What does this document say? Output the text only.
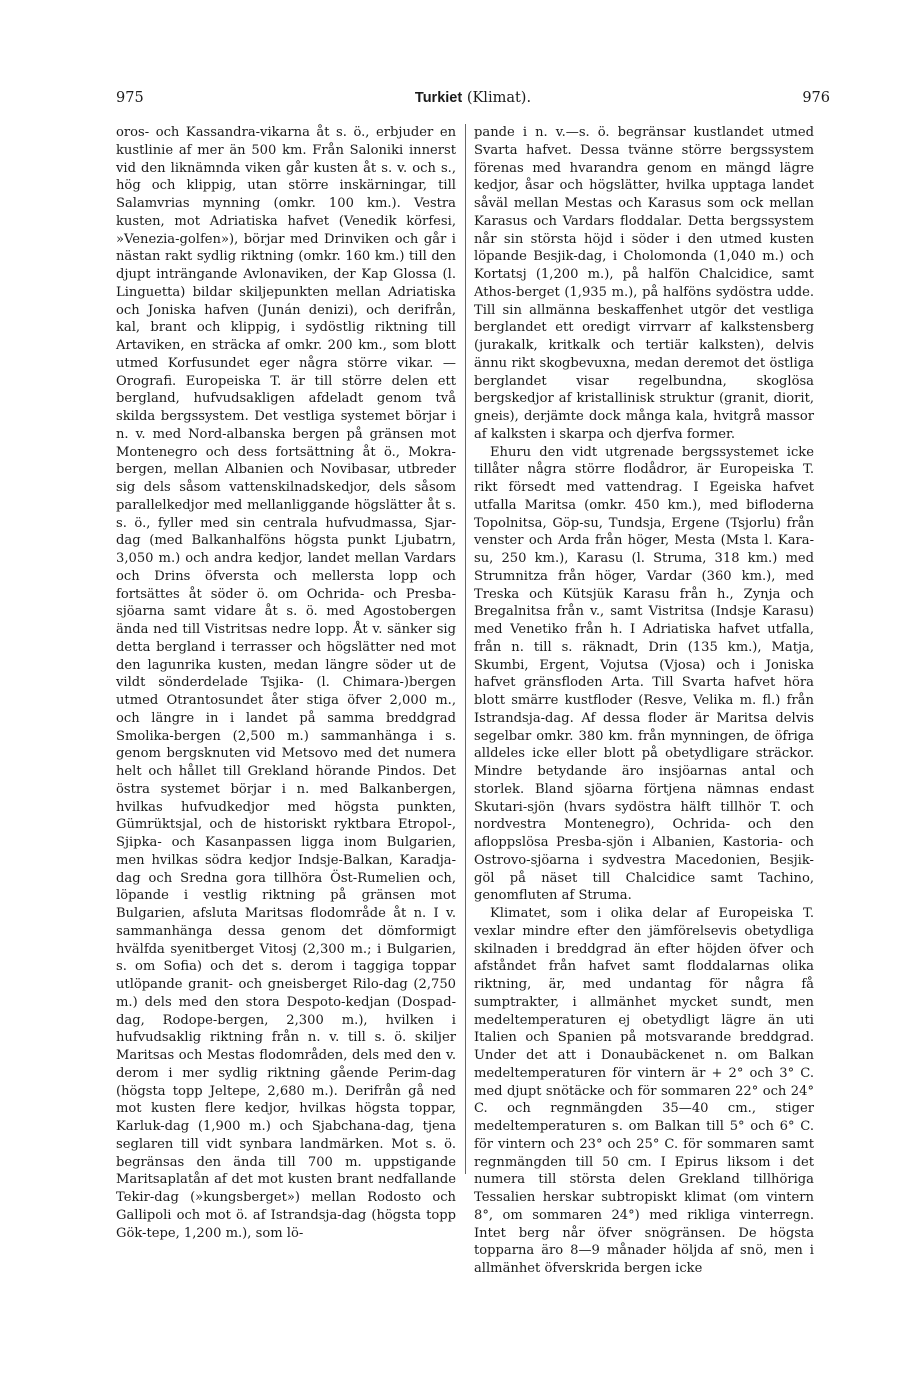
975	Turkiet (Klimat).	976

oros- och Kassandra-vikarna åt s. ö., erbjuder en kustlinie af mer än 500 km. Från Saloniki innerst vid den liknämnda viken går kusten åt s. v. och s., hög och klippig, utan större inskärningar, till Salamvrias mynning (omkr. 100 km.). Vestra kusten, mot Adriatiska hafvet (Venedik körfesi, »Venezia-golfen»), börjar med Drinviken och går i nästan rakt sydlig riktning (omkr. 160 km.) till den djupt inträngande Avlonaviken, der Kap Glossa (l. Linguetta) bildar skiljepunkten mellan Adriatiska och Joniska hafven (Junán denizi), och derifrån, kal, brant och klippig, i sydöstlig riktning till Artaviken, en sträcka af omkr. 200 km., som blott utmed Korfusundet eger några större vikar. — Orografi. Europeiska T. är till större delen ett bergland, hufvudsakligen afdeladt genom två skilda bergssystem. Det vestliga systemet börjar i n. v. med Nord-albanska bergen på gränsen mot Montenegro och dess fortsättning åt ö., Mokra-bergen, mellan Albanien och Novibasar, utbreder sig dels såsom vattenskilnadskedjor, dels såsom parallelkedjor med mellanliggande högslätter åt s. s. ö., fyller med sin centrala hufvudmassa, Sjar-dag (med Balkanhalföns högsta punkt Ljubatrn, 3,050 m.) och andra kedjor, landet mellan Vardars och Drins öfversta och mellersta lopp och fortsättes åt söder ö. om Ochrida- och Presba-sjöarna samt vidare åt s. ö. med Agostobergen ända ned till Vistritsas nedre lopp. Åt v. sänker sig detta bergland i terrasser och högslätter ned mot den lagunrika kusten, medan längre söder ut de vildt sönderdelade Tsjika- (l. Chimara-)bergen utmed Otrantosundet åter stiga öfver 2,000 m., och längre in i landet på samma breddgrad Smolika-bergen (2,500 m.) sammanhänga i s. genom bergsknuten vid Metsovo med det numera helt och hållet till Grekland hörande Pindos. Det östra systemet börjar i n. med Balkanbergen, hvilkas hufvudkedjor med högsta punkten, Gümrüktsjal, och de historiskt ryktbara Etropol-, Sjipka- och Kasanpassen ligga inom Bulgarien, men hvilkas södra kedjor Indsje-Balkan, Karadja-dag och Sredna gora tillhöra Öst-Rumelien och, löpande i vestlig riktning på gränsen mot Bulgarien, afsluta Maritsas flodområde åt n. I v. sammanhänga dessa genom det dömformigt hvälfda syenitberget Vitosj (2,300 m.; i Bulgarien, s. om Sofia) och det s. derom i taggiga toppar utlöpande granit- och gneisberget Rilo-dag (2,750 m.) dels med den stora Despoto-kedjan (Dospad-dag, Rodope-bergen, 2,300 m.), hvilken i hufvudsaklig riktning från n. v. till s. ö. skiljer Maritsas och Mestas flodområden, dels med den v. derom i mer sydlig riktning gående Perim-dag (högsta topp Jeltepe, 2,680 m.). Derifrån gå ned mot kusten flere kedjor, hvilkas högsta toppar, Karluk-dag (1,900 m.) och Sjabchana-dag, tjena seglaren till vidt synbara landmärken. Mot s. ö. begränsas den ända till 700 m. uppstigande Maritsaplatån af det mot kusten brant nedfallande Tekir-dag (»kungsberget») mellan Rodosto och Gallipoli och mot ö. af Istrandsja-dag (högsta topp Gök-tepe, 1,200 m.), som lö-

pande i n. v.—s. ö. begränsar kustlandet utmed Svarta hafvet. Dessa tvänne större bergssystem förenas med hvarandra genom en mängd lägre kedjor, åsar och högslätter, hvilka upptaga landet såväl mellan Mestas och Karasus som ock mellan Karasus och Vardars floddalar. Detta bergssystem når sin största höjd i söder i den utmed kusten löpande Besjik-dag, i Cholomonda (1,040 m.) och Kortatsj (1,200 m.), på halfön Chalcidice, samt Athos-berget (1,935 m.), på halföns sydöstra udde. Till sin allmänna beskaffenhet utgör det vestliga berglandet ett oredigt virrvarr af kalkstensberg (jurakalk, kritkalk och tertiär kalksten), delvis ännu rikt skogbevuxna, medan deremot det östliga berglandet visar regelbundna, skoglösa bergskedjor af kristallinisk struktur (granit, diorit, gneis), derjämte dock många kala, hvitgrå massor af kalksten i skarpa och djerfva former.

Ehuru den vidt utgrenade bergssystemet icke tillåter några större flodådror, är Europeiska T. rikt försedt med vattendrag. I Egeiska hafvet utfalla Maritsa (omkr. 450 km.), med bifloderna Topolnitsa, Göp-su, Tundsja, Ergene (Tsjorlu) från venster och Arda från höger, Mesta (Msta l. Kara-su, 250 km.), Karasu (l. Struma, 318 km.) med Strumnitza från höger, Vardar (360 km.), med Treska och Kütsjük Karasu från h., Zynja och Bregalnitsa från v., samt Vistritsa (Indsje Karasu) med Venetiko från h. I Adriatiska hafvet utfalla, från n. till s. räknadt, Drin (135 km.), Matja, Skumbi, Ergent, Vojutsa (Vjosa) och i Joniska hafvet gränsfloden Arta. Till Svarta hafvet höra blott smärre kustfloder (Resve, Velika m. fl.) från Istrandsja-dag. Af dessa floder är Maritsa delvis segelbar omkr. 380 km. från mynningen, de öfriga alldeles icke eller blott på obetydligare sträckor. Mindre betydande äro insjöarnas antal och storlek. Bland sjöarna förtjena nämnas endast Skutari-sjön (hvars sydöstra hälft tillhör T. och nordvestra Montenegro), Ochrida- och den afloppslösa Presba-sjön i Albanien, Kastoria- och Ostrovo-sjöarna i sydvestra Macedonien, Besjik-göl på näset till Chalcidice samt Tachino, genomfluten af Struma.

Klimatet, som i olika delar af Europeiska T. vexlar mindre efter den jämförelsevis obetydliga skilnaden i breddgrad än efter höjden öfver och afståndet från hafvet samt floddalarnas olika riktning, är, med undantag för några få sumptrakter, i allmänhet mycket sundt, men medeltemperaturen ej obetydligt lägre än uti Italien och Spanien på motsvarande breddgrad. Under det att i Donaubäckenet n. om Balkan medeltemperaturen för vintern är + 2° och 3° C. med djupt snötäcke och för sommaren 22° och 24° C. och regnmängden 35—40 cm., stiger medeltemperaturen s. om Balkan till 5° och 6° C. för vintern och 23° och 25° C. för sommaren samt regnmängden till 50 cm. I Epirus liksom i det numera till största delen Grekland tillhöriga Tessalien herskar subtropiskt klimat (om vintern 8°, om sommaren 24°) med rikliga vinterregn. Intet berg når öfver snögränsen. De högsta topparna äro 8—9 månader höljda af snö, men i allmänhet öfverskrida bergen icke
